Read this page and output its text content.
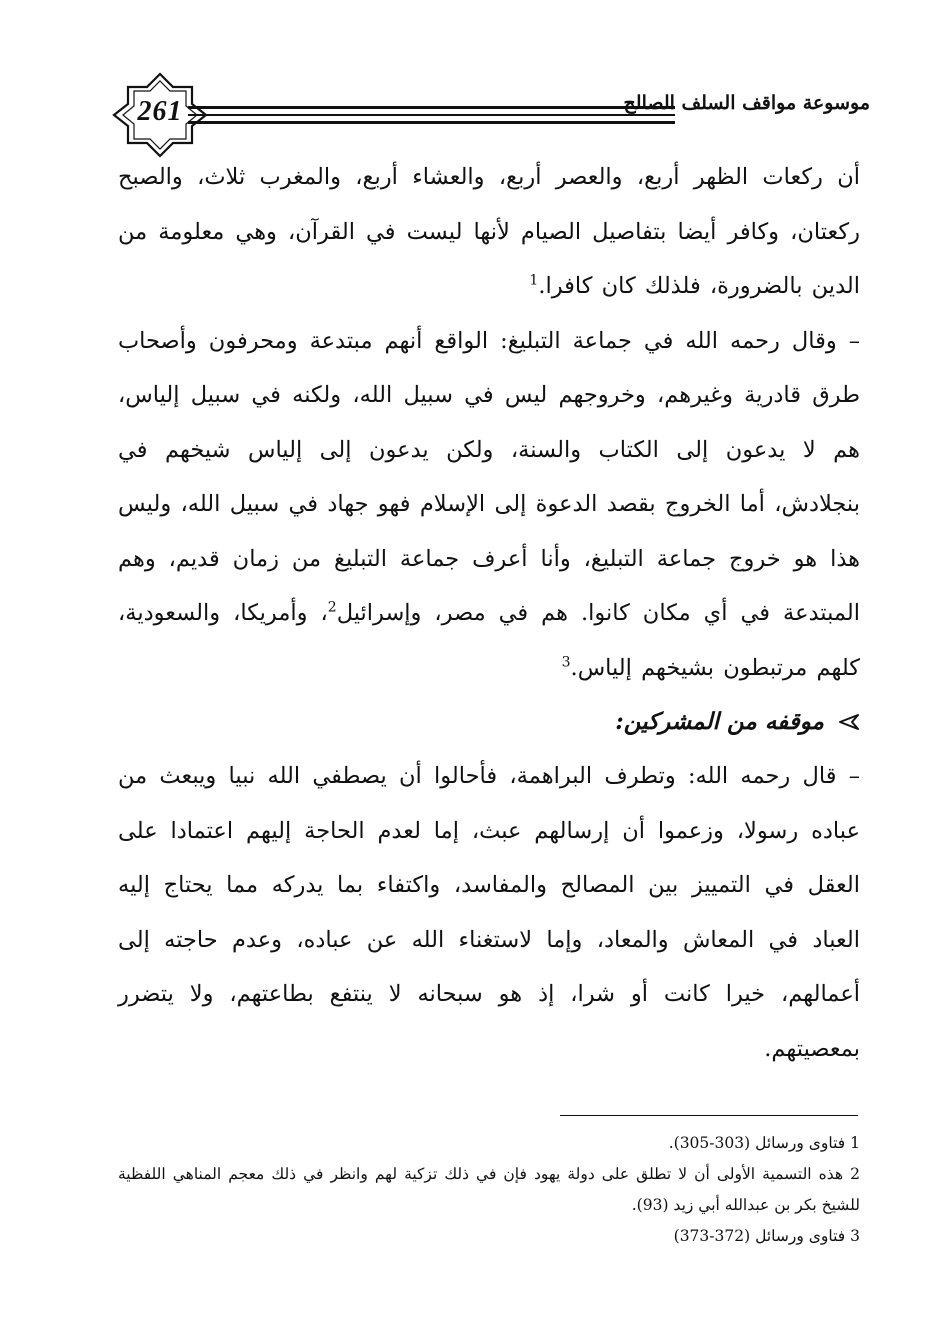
261	موسوعة مواقف السلف الصالح

أن ركعات الظهر أربع، والعصر أربع، والعشاء أربع، والمغرب ثلاث، والصبح ركعتان، وكافر أيضا بتفاصيل الصيام لأنها ليست في القرآن، وهي معلومة من الدين بالضرورة، فلذلك كان كافرا.$^1$

– وقال رحمه الله في جماعة التبليغ: الواقع أنهم مبتدعة ومحرفون وأصحاب طرق قادرية وغيرهم، وخروجهم ليس في سبيل الله، ولكنه في سبيل إلياس، هم لا يدعون إلى الكتاب والسنة، ولكن يدعون إلى إلياس شيخهم في بنجلادش، أما الخروج بقصد الدعوة إلى الإسلام فهو جهاد في سبيل الله، وليس هذا هو خروج جماعة التبليغ، وأنا أعرف جماعة التبليغ من زمان قديم، وهم المبتدعة في أي مكان كانوا. هم في مصر، وإسرائيل$^2$، وأمريكا، والسعودية، كلهم مرتبطون بشيخهم إلياس.$^3$

موقفه من المشركين:

– قال رحمه الله: وتطرف البراهمة، فأحالوا أن يصطفي الله نبيا ويبعث من عباده رسولا، وزعموا أن إرسالهم عبث، إما لعدم الحاجة إليهم اعتمادا على العقل في التمييز بين المصالح والمفاسد، واكتفاء بما يدركه مما يحتاج إليه العباد في المعاش والمعاد، وإما لاستغناء الله عن عباده، وعدم حاجته إلى أعمالهم، خيرا كانت أو شرا، إذ هو سبحانه لا ينتفع بطاعتهم، ولا يتضرر بمعصيتهم.

1 فتاوى ورسائل (303-305).

2 هذه التسمية الأولى أن لا تطلق على دولة يهود فإن في ذلك تزكية لهم وانظر في ذلك معجم المناهي اللفظية للشيخ بكر بن عبدالله أبي زيد (93).

3 فتاوى ورسائل (372-373)
